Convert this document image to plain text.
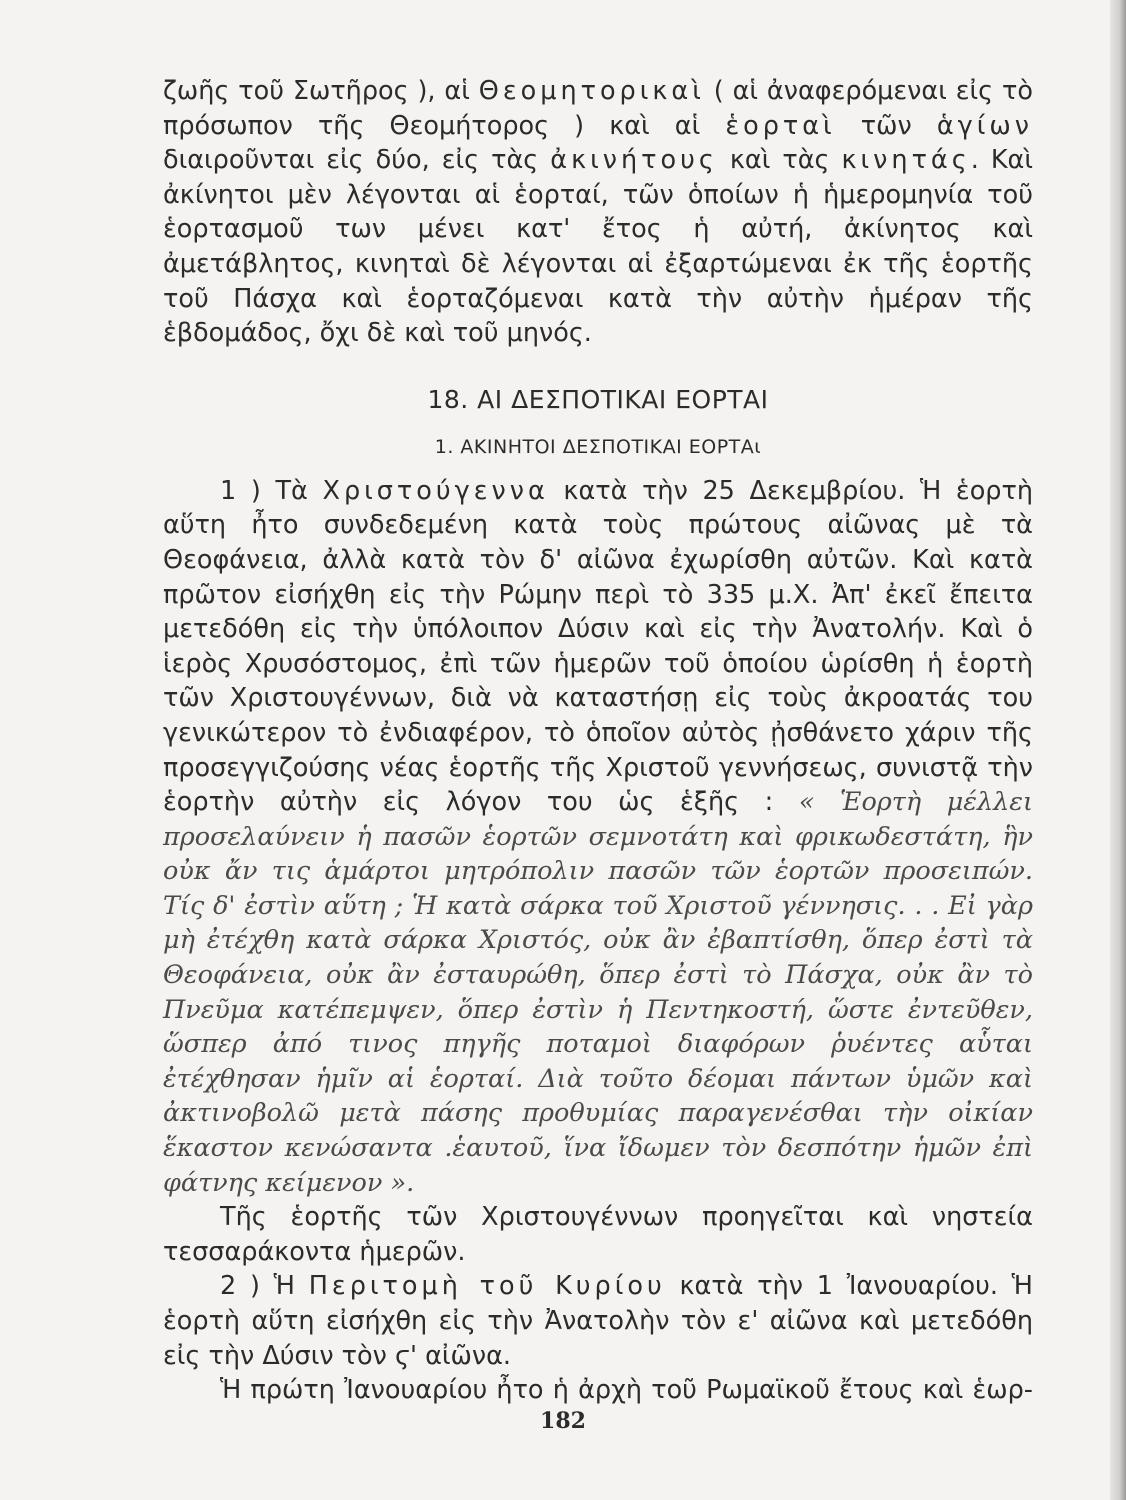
ζωῆς τοῦ Σωτῆρος ), αἱ Θεομητορικαὶ ( αἱ ἀναφερόμεναι εἰς τὸ πρόσωπον τῆς Θεομήτορος ) καὶ αἱ ἑορταὶ τῶν ἁγίων διαιροῦνται εἰς δύο, εἰς τὰς ἀκινήτους καὶ τὰς κινητάς. Καὶ ἀκίνητοι μὲν λέγονται αἱ ἑορταί, τῶν ὁποίων ἡ ἡμερομηνία τοῦ ἑορτασμοῦ των μένει κατ' ἔτος ἡ αὐτή, ἀκίνητος καὶ ἀμετάβλητος, κινηταὶ δὲ λέγονται αἱ ἐξαρτώμεναι ἐκ τῆς ἑορτῆς τοῦ Πάσχα καὶ ἑορταζόμεναι κατὰ τὴν αὐτὴν ἡμέραν τῆς ἑβδομάδος, ὄχι δὲ καὶ τοῦ μηνός.

18. ΑΙ ΔΕΣΠΟΤΙΚΑΙ ΕΟΡΤΑΙ
1. ΑΚΙΝΗΤΟΙ ΔΕΣΠΟΤΙΚΑΙ ΕΟΡΤΑι

1 ) Τὰ Χριστούγεννα κατὰ τὴν 25 Δεκεμβρίου. Ἡ ἑορτὴ αὕτη ἦτο συνδεδεμένη κατὰ τοὺς πρώτους αἰῶνας μὲ τὰ Θεοφάνεια, ἀλλὰ κατὰ τὸν δ' αἰῶνα ἐχωρίσθη αὐτῶν. Καὶ κατὰ πρῶτον εἰσήχθη εἰς τὴν Ρώμην περὶ τὸ 335 μ.Χ. Ἀπ' ἐκεῖ ἔπειτα μετεδόθη εἰς τὴν ὑπόλοιπον Δύσιν καὶ εἰς τὴν Ἀνατολήν. Καὶ ὁ ἱερὸς Χρυσόστομος, ἐπὶ τῶν ἡμερῶν τοῦ ὁποίου ὡρίσθη ἡ ἑορτὴ τῶν Χριστουγέννων, διὰ νὰ καταστήσῃ εἰς τοὺς ἀκροατάς του γενικώτερον τὸ ἐνδιαφέρον, τὸ ὁποῖον αὐτὸς ᾐσθάνετο χάριν τῆς προσεγγιζούσης νέας ἑορτῆς τῆς Χριστοῦ γεννήσεως, συνιστᾷ τὴν ἑορτὴν αὐτὴν εἰς λόγον του ὡς ἑξῆς : « Ἑορτὴ μέλλει προσελαύνειν ἡ πασῶν ἑορτῶν σεμνοτάτη καὶ φρικωδεστάτη, ἣν οὐκ ἄν τις ἁμάρτοι μητρόπολιν πασῶν τῶν ἑορτῶν προσειπών. Τίς δ' ἐστὶν αὕτη ; Ἡ κατὰ σάρκα τοῦ Χριστοῦ γέννησις. . . Εἰ γὰρ μὴ ἐτέχθη κατὰ σάρκα Χριστός, οὐκ ἂν ἐβαπτίσθη, ὅπερ ἐστὶ τὰ Θεοφάνεια, οὐκ ἂν ἐσταυρώθη, ὅπερ ἐστὶ τὸ Πάσχα, οὐκ ἂν τὸ Πνεῦμα κατέπεμψεν, ὅπερ ἐστὶν ἡ Πεντηκοστή, ὥστε ἐντεῦθεν, ὥσπερ ἀπό τινος πηγῆς ποταμοὶ διαφόρων ῥυέντες αὗται ἐτέχθησαν ἡμῖν αἱ ἑορταί. Διὰ τοῦτο δέομαι πάντων ὑμῶν καὶ ἀκτινοβολῶ μετὰ πάσης προθυμίας παραγενέσθαι τὴν οἰκίαν ἕκαστον κενώσαντα .ἑαυτοῦ, ἵνα ἴδωμεν τὸν δεσπότην ἡμῶν ἐπὶ φάτνης κείμενον ».

Τῆς ἑορτῆς τῶν Χριστουγέννων προηγεῖται καὶ νηστεία τεσσαράκοντα ἡμερῶν.

2 ) Ἡ Περιτομὴ τοῦ Κυρίου κατὰ τὴν 1 Ἰανουαρίου. Ἡ ἑορτὴ αὕτη εἰσήχθη εἰς τὴν Ἀνατολὴν τὸν ε' αἰῶνα καὶ μετεδόθη εἰς τὴν Δύσιν τὸν ϛ' αἰῶνα.

Ἡ πρώτη Ἰανουαρίου ἦτο ἡ ἀρχὴ τοῦ Ρωμαϊκοῦ ἔτους καὶ ἑωρ-

182
